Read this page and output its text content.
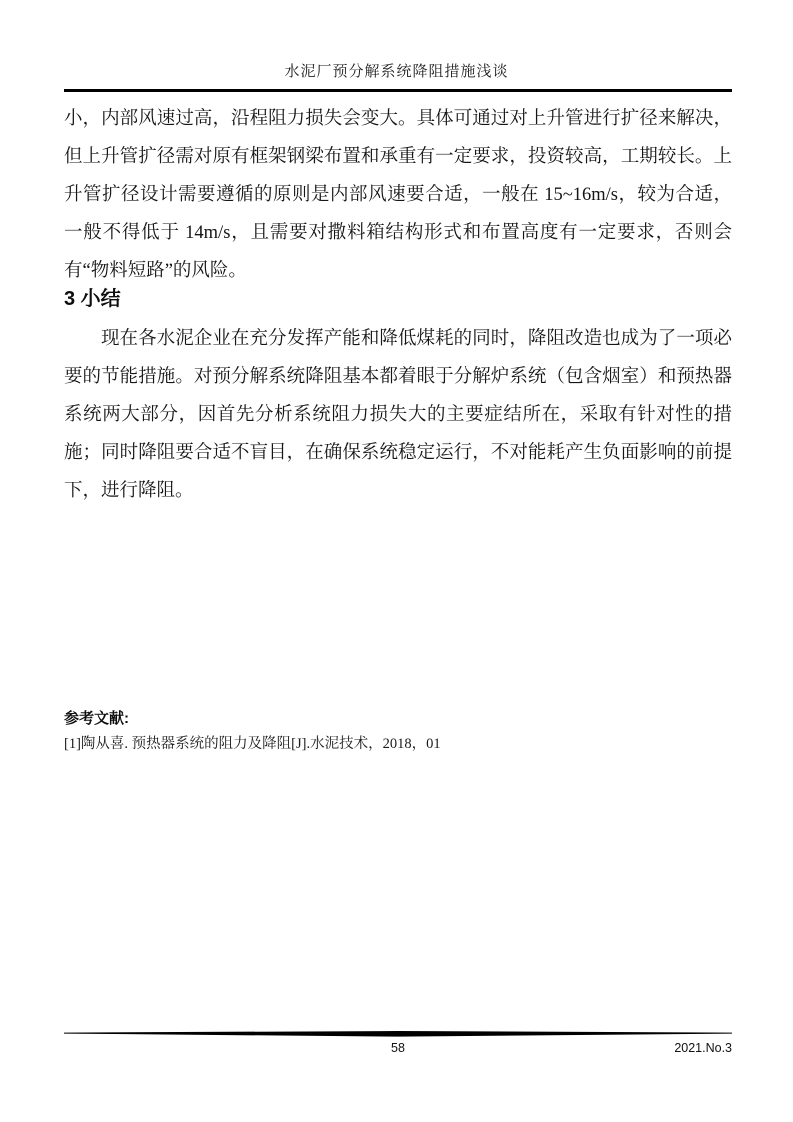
水泥厂预分解系统降阻措施浅谈
小，内部风速过高，沿程阻力损失会变大。具体可通过对上升管进行扩径来解决，但上升管扩径需对原有框架钢梁布置和承重有一定要求，投资较高，工期较长。上升管扩径设计需要遵循的原则是内部风速要合适，一般在 15~16m/s，较为合适，一般不得低于 14m/s，且需要对撒料箱结构形式和布置高度有一定要求，否则会有“物料短路”的风险。
3 小结
现在各水泥企业在充分发挥产能和降低煤耗的同时，降阻改造也成为了一项必要的节能措施。对预分解系统降阻基本都着眼于分解炉系统（包含烟室）和预热器系统两大部分，因首先分析系统阻力损失大的主要症结所在，采取有针对性的措施；同时降阻要合适不盲目，在确保系统稳定运行，不对能耗产生负面影响的前提下，进行降阻。
参考文献:
[1]陶从喜. 预热器系统的阻力及降阻[J].水泥技术，2018，01
58	2021.No.3
